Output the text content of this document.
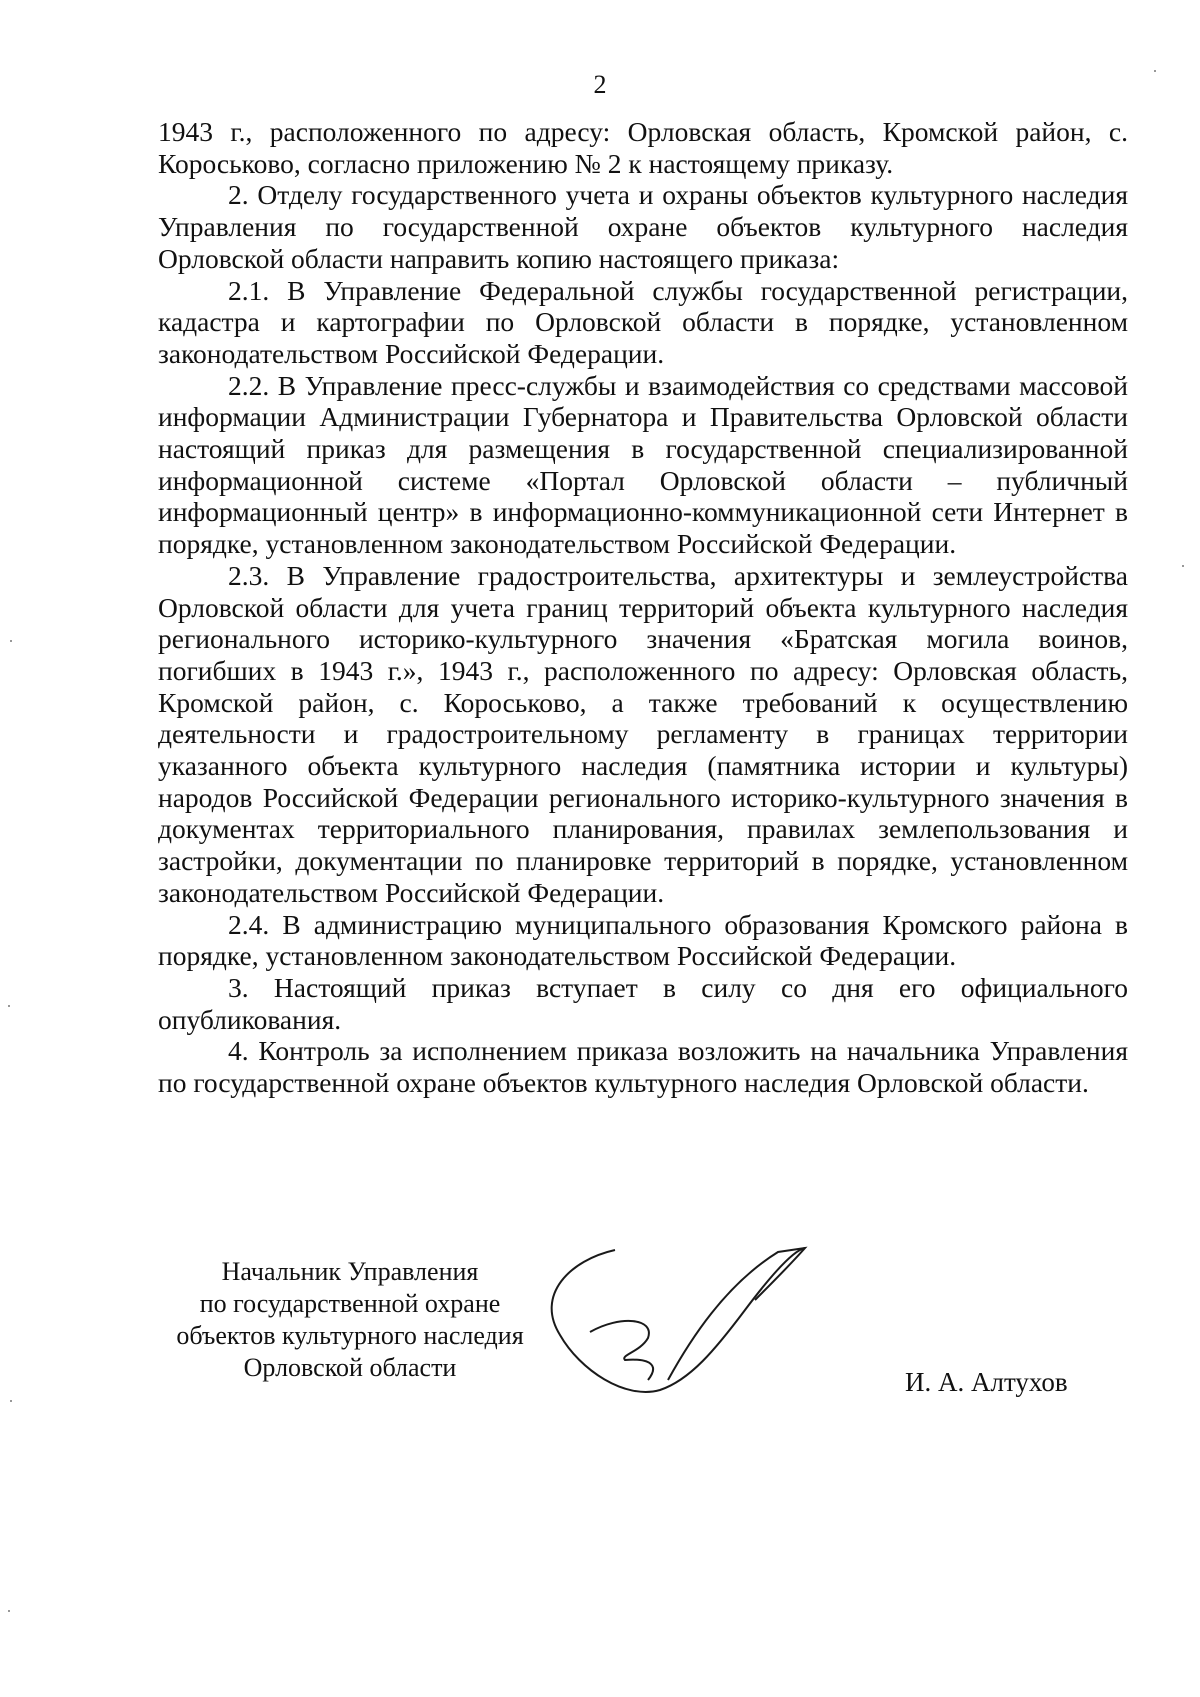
2

1943 г., расположенного по адресу: Орловская область, Кромской район, с. Короськово, согласно приложению № 2 к настоящему приказу.

2. Отделу государственного учета и охраны объектов культурного наследия Управления по государственной охране объектов культурного наследия Орловской области направить копию настоящего приказа:

2.1. В Управление Федеральной службы государственной регистрации, кадастра и картографии по Орловской области в порядке, установленном законодательством Российской Федерации.

2.2. В Управление пресс-службы и взаимодействия со средствами массовой информации Администрации Губернатора и Правительства Орловской области настоящий приказ для размещения в государственной специализированной информационной системе «Портал Орловской области – публичный информационный центр» в информационно-коммуникационной сети Интернет в порядке, установленном законодательством Российской Федерации.

2.3. В Управление градостроительства, архитектуры и землеустройства Орловской области для учета границ территорий объекта культурного наследия регионального историко-культурного значения «Братская могила воинов, погибших в 1943 г.», 1943 г., расположенного по адресу: Орловская область, Кромской район, с. Короськово, а также требований к осуществлению деятельности и градостроительному регламенту в границах территории указанного объекта культурного наследия (памятника истории и культуры) народов Российской Федерации регионального историко-культурного значения в документах территориального планирования, правилах землепользования и застройки, документации по планировке территорий в порядке, установленном законодательством Российской Федерации.

2.4. В администрацию муниципального образования Кромского района в порядке, установленном законодательством Российской Федерации.

3. Настоящий приказ вступает в силу со дня его официального опубликования.

4. Контроль за исполнением приказа возложить на начальника Управления по государственной охране объектов культурного наследия Орловской области.

Начальник Управления
по государственной охране
объектов культурного наследия
Орловской области	И. А. Алтухов
